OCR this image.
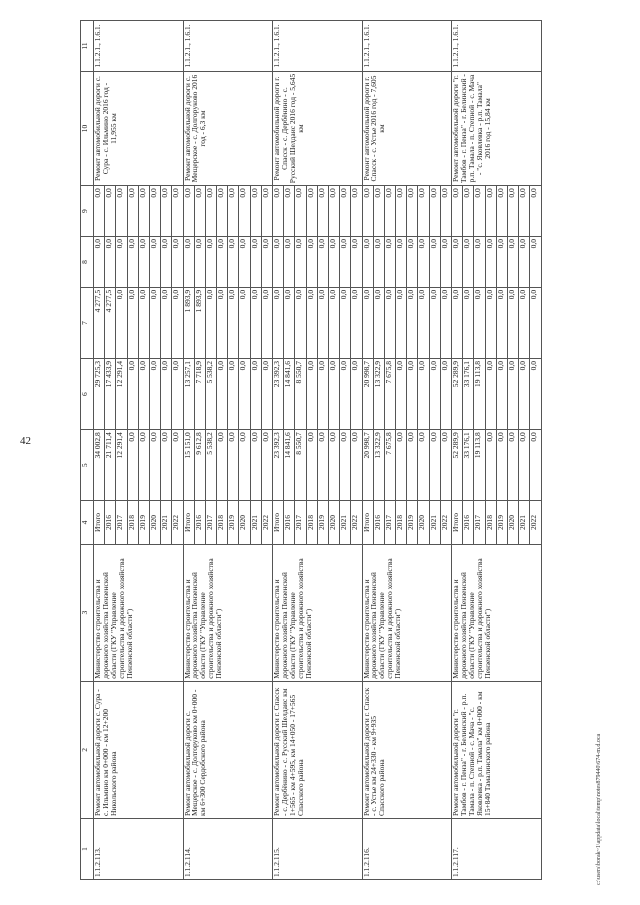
42
1	2	3	4	5	6	7	8	9	10	11
1.1.2.113.	Ремонт автомобильной дороги с. Сура - с. Ильмино км 0+000 - км 12+200 Никольского района	Министерство строительства и дорожного хозяйства Пензенской области (ГКУ "Управление строительства и дорожного хозяйства Пензенской области")	Итого	34 002,8	29 725,3	4 277,5	0,0	0,0	Ремонт автомобильной дороги с. Сура - с. Ильмино 2016 год - 11,955 км	1.1.2.1., 1.6.1.
			2016	21 711,4	17 433,9	4 277,5	0,0	0,0		
			2017	12 291,4	12 291,4	0,0	0,0	0,0		
			2018	0,0	0,0	0,0	0,0	0,0		
			2019	0,0	0,0	0,0	0,0	0,0		
			2020	0,0	0,0	0,0	0,0	0,0		
			2021	0,0	0,0	0,0	0,0	0,0		
			2022	0,0	0,0	0,0	0,0	0,0		
1.1.2.114.	Ремонт автомобильной дороги с. Мещерское - с. Долгоруково км 0+000 - км 6+300 Сердобского района	Министерство строительства и дорожного хозяйства Пензенской области (ГКУ "Управление строительства и дорожного хозяйства Пензенской области")	Итого	15 151,0	13 257,1	1 893,9	0,0	0,0	Ремонт автомобильной дороги с. Мещерское - с. Долгоруково 2016 год - 6,3 км	1.1.2.1., 1.6.1.
			2016	9 612,8	7 718,9	1 893,9	0,0	0,0		
			2017	5 538,2	5 538,2	0,0	0,0	0,0		
			2018	0,0	0,0	0,0	0,0	0,0		
			2019	0,0	0,0	0,0	0,0	0,0		
			2020	0,0	0,0	0,0	0,0	0,0		
			2021	0,0	0,0	0,0	0,0	0,0		
			2022	0,0	0,0	0,0	0,0	0,0		
1.1.2.115.	Ремонт автомобильной дороги г. Спасск - с. Дербёнино - с. Русский Шелдаис км 1+565 - км 4+595, км 14+050 - 17+565 Спасского района	Министерство строительства и дорожного хозяйства Пензенской области (ГКУ "Управление строительства и дорожного хозяйства Пензенской области")	Итого	23 392,3	23 392,3	0,0	0,0	0,0	Ремонт автомобильной дороги г. Спасск - с. Дербёнино - с. Русский Шелдаис 2016 год - 5,645 км	1.1.2.1., 1.6.1.
			2016	14 841,6	14 841,6	0,0	0,0	0,0		
			2017	8 550,7	8 550,7	0,0	0,0	0,0		
			2018	0,0	0,0	0,0	0,0	0,0		
			2019	0,0	0,0	0,0	0,0	0,0		
			2020	0,0	0,0	0,0	0,0	0,0		
			2021	0,0	0,0	0,0	0,0	0,0		
			2022	0,0	0,0	0,0	0,0	0,0		
1.1.2.116.	Ремонт автомобильной дороги г. Спасск - с. Устье км 24+330 - км 9+935 Спасского района	Министерство строительства и дорожного хозяйства Пензенской области (ГКУ "Управление строительства и дорожного хозяйства Пензенской области")	Итого	20 998,7	20 998,7	0,0	0,0	0,0	Ремонт автомобильной дороги г. Спасск - с. Устье 2016 год - 7,605 км	1.1.2.1., 1.6.1.
			2016	13 322,9	13 322,9	0,0	0,0	0,0		
			2017	7 675,8	7 675,8	0,0	0,0	0,0		
			2018	0,0	0,0	0,0	0,0	0,0		
			2019	0,0	0,0	0,0	0,0	0,0		
			2020	0,0	0,0	0,0	0,0	0,0		
			2021	0,0	0,0	0,0	0,0	0,0		
			2022	0,0	0,0	0,0	0,0	0,0		
1.1.2.117.	Ремонт автомобильной дороги "г. Тамбов - г. Пенза" - г. Белинский - р.п. Тамала - п. Степной - с. Мача - "с. Яковлевка - р.п. Тамала" км 0+000 - км 15+840 Тамалинского района	Министерство строительства и дорожного хозяйства Пензенской области (ГКУ "Управление строительства и дорожного хозяйства Пензенской области")	Итого	52 289,9	52 289,9	0,0	0,0	0,0	Ремонт автомобильной дороги "г. Тамбов - г. Пенза" - г. Белинский - р.п. Тамала - п. Степной - с. Мача - "с. Яковлевка - р.п. Тамала" 2016 год - 15,84 км	1.1.2.1., 1.6.1.
			2016	33 176,1	33 176,1	0,0	0,0	0,0		
			2017	19 113,8	19 113,8	0,0	0,0	0,0		
			2018	0,0	0,0	0,0	0,0	0,0		
			2019	0,0	0,0	0,0	0,0	0,0		
			2020	0,0	0,0	0,0	0,0	0,0		
			2021	0,0	0,0	0,0	0,0	0,0		
			2022	0,0	0,0	0,0	0,0	0,0		
c:\users\borak~1\appdata\local\temp\notes879440\674-m.d.oca
